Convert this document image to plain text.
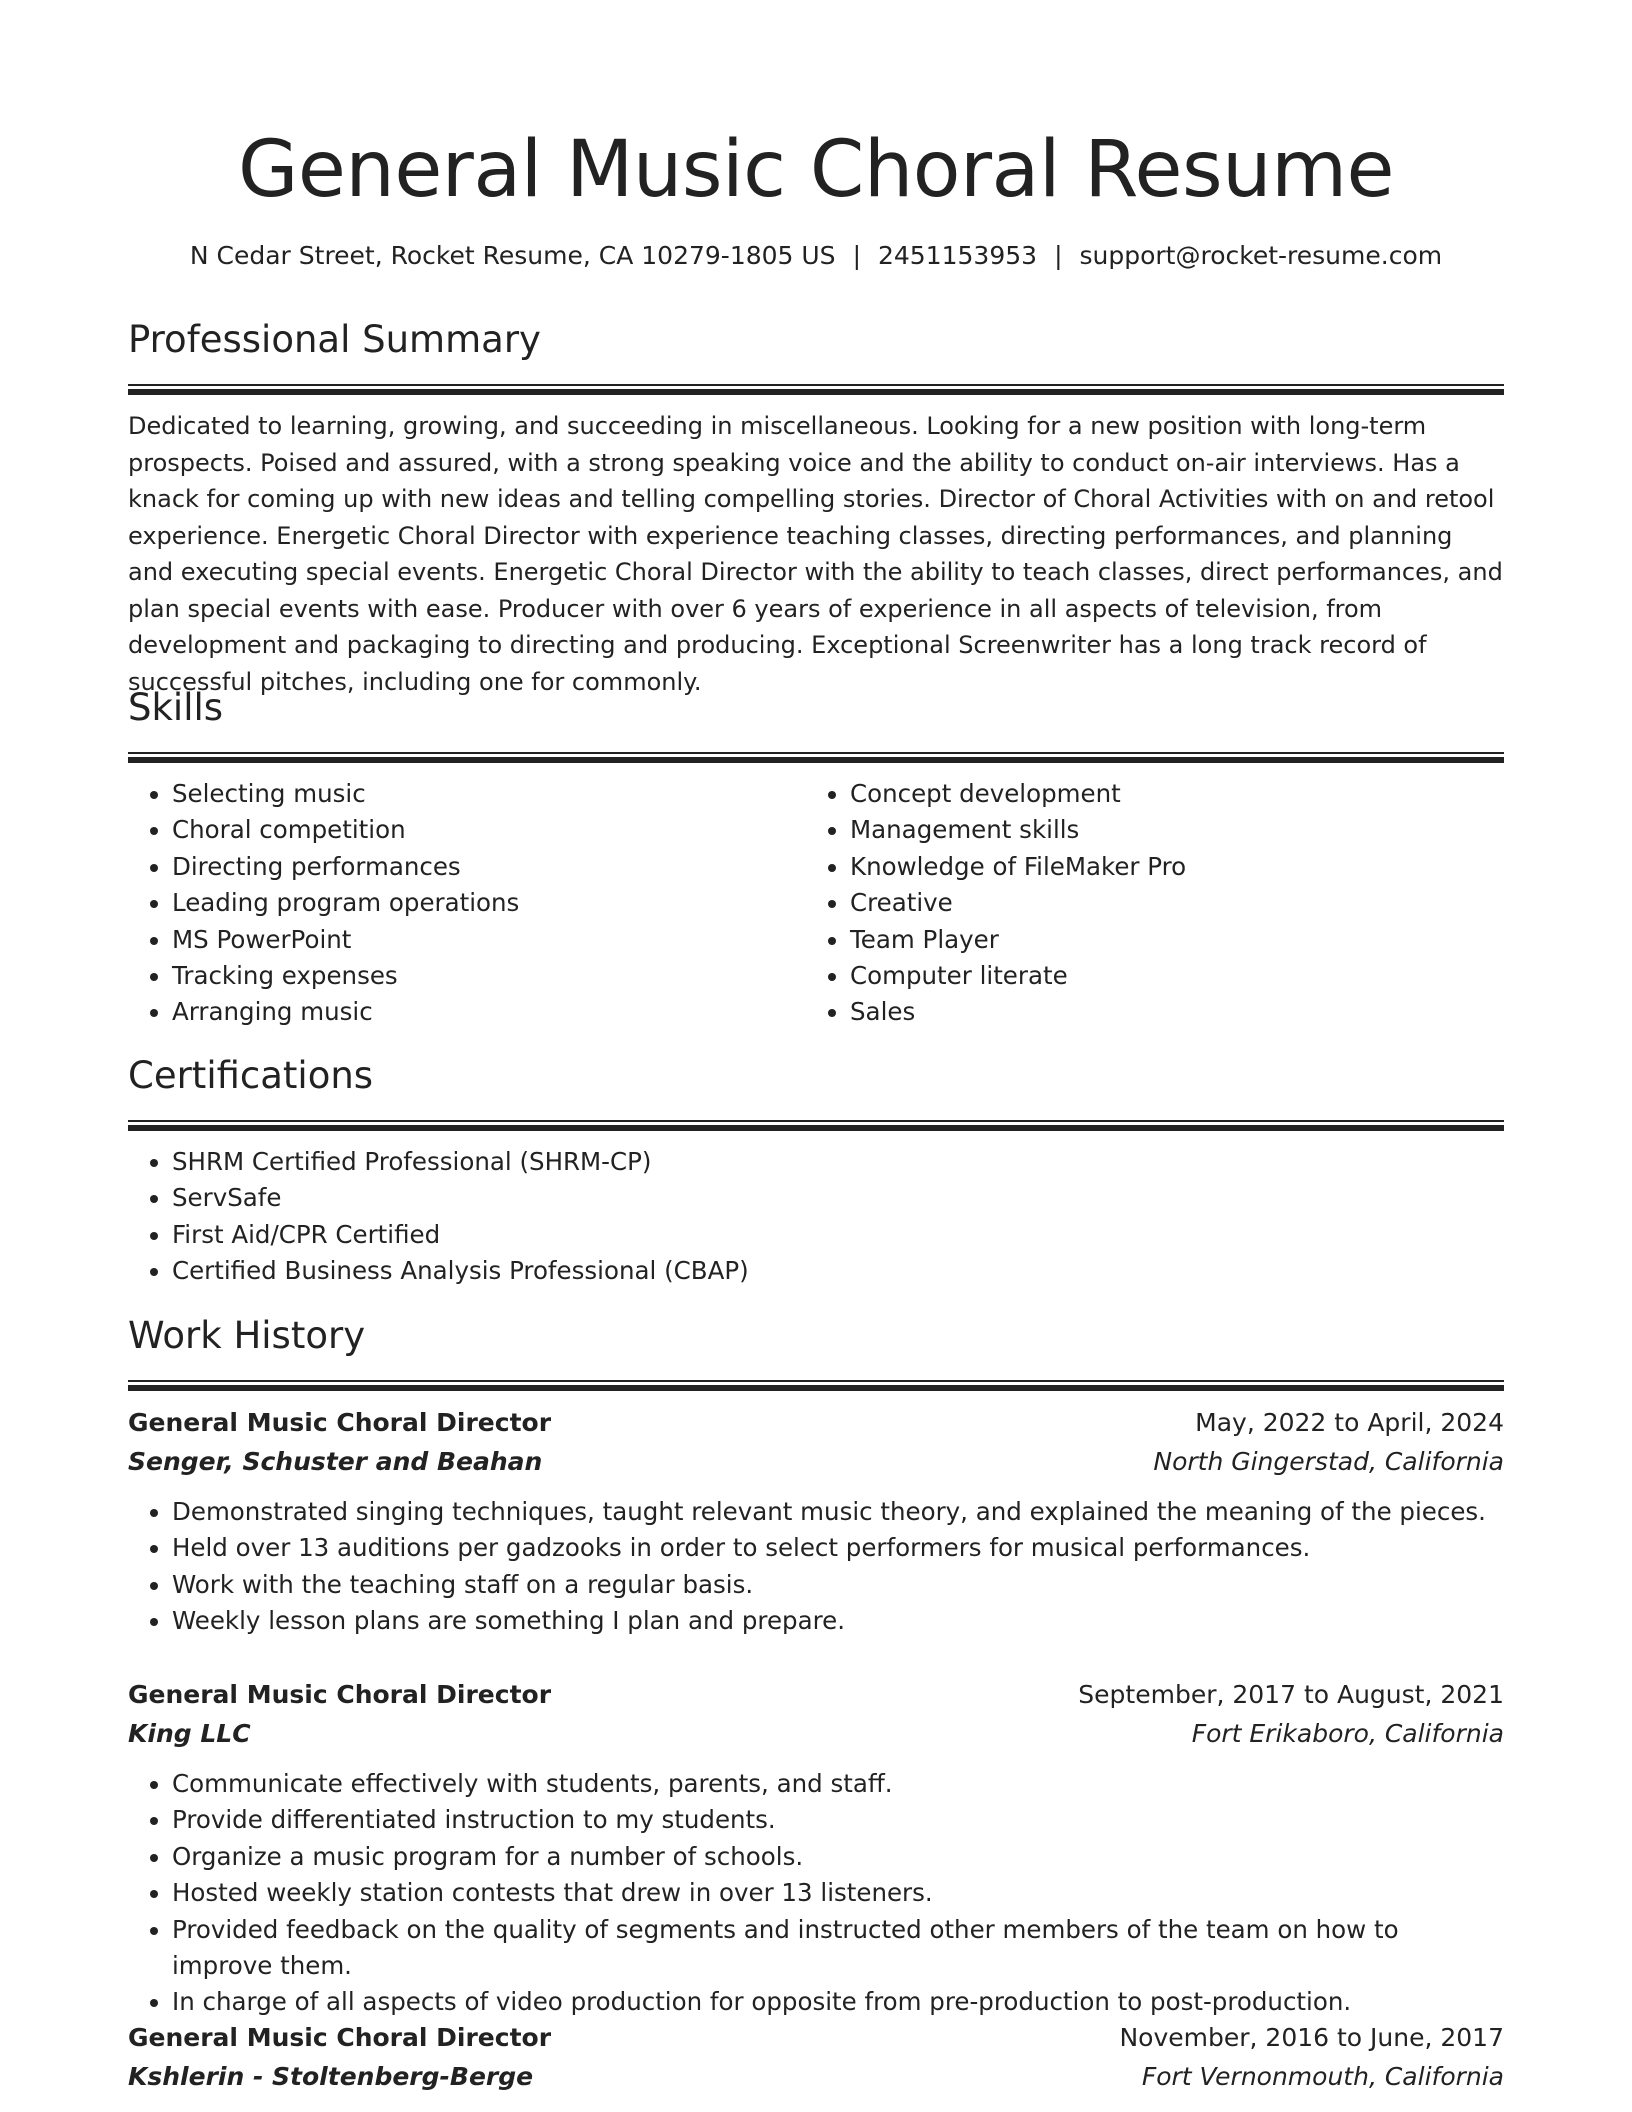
General Music Choral Resume
N Cedar Street, Rocket Resume, CA 10279-1805 US | 2451153953 | support@rocket-resume.com
Professional Summary

Dedicated to learning, growing, and succeeding in miscellaneous. Looking for a new position with long-term prospects. Poised and assured, with a strong speaking voice and the ability to conduct on-air interviews. Has a knack for coming up with new ideas and telling compelling stories. Director of Choral Activities with on and retool experience. Energetic Choral Director with experience teaching classes, directing performances, and planning and executing special events. Energetic Choral Director with the ability to teach classes, direct performances, and plan special events with ease. Producer with over 6 years of experience in all aspects of television, from development and packaging to directing and producing. Exceptional Screenwriter has a long track record of successful pitches, including one for commonly.

Skills
• Selecting music
• Choral competition
• Directing performances
• Leading program operations
• MS PowerPoint
• Tracking expenses
• Arranging music
• Concept development
• Management skills
• Knowledge of FileMaker Pro
• Creative
• Team Player
• Computer literate
• Sales
Certifications
• SHRM Certified Professional (SHRM-CP)
• ServSafe
• First Aid/CPR Certified
• Certified Business Analysis Professional (CBAP)
Work History
General Music Choral Director	May, 2022 to April, 2024
Senger, Schuster and Beahan	North Gingerstad, California
• Demonstrated singing techniques, taught relevant music theory, and explained the meaning of the pieces.
• Held over 13 auditions per gadzooks in order to select performers for musical performances.
• Work with the teaching staff on a regular basis.
• Weekly lesson plans are something I plan and prepare.
General Music Choral Director	September, 2017 to August, 2021
King LLC	Fort Erikaboro, California
• Communicate effectively with students, parents, and staff.
• Provide differentiated instruction to my students.
• Organize a music program for a number of schools.
• Hosted weekly station contests that drew in over 13 listeners.
• Provided feedback on the quality of segments and instructed other members of the team on how to improve them.
• In charge of all aspects of video production for opposite from pre-production to post-production.
General Music Choral Director	November, 2016 to June, 2017
Kshlerin - Stoltenberg-Berge	Fort Vernonmouth, California
